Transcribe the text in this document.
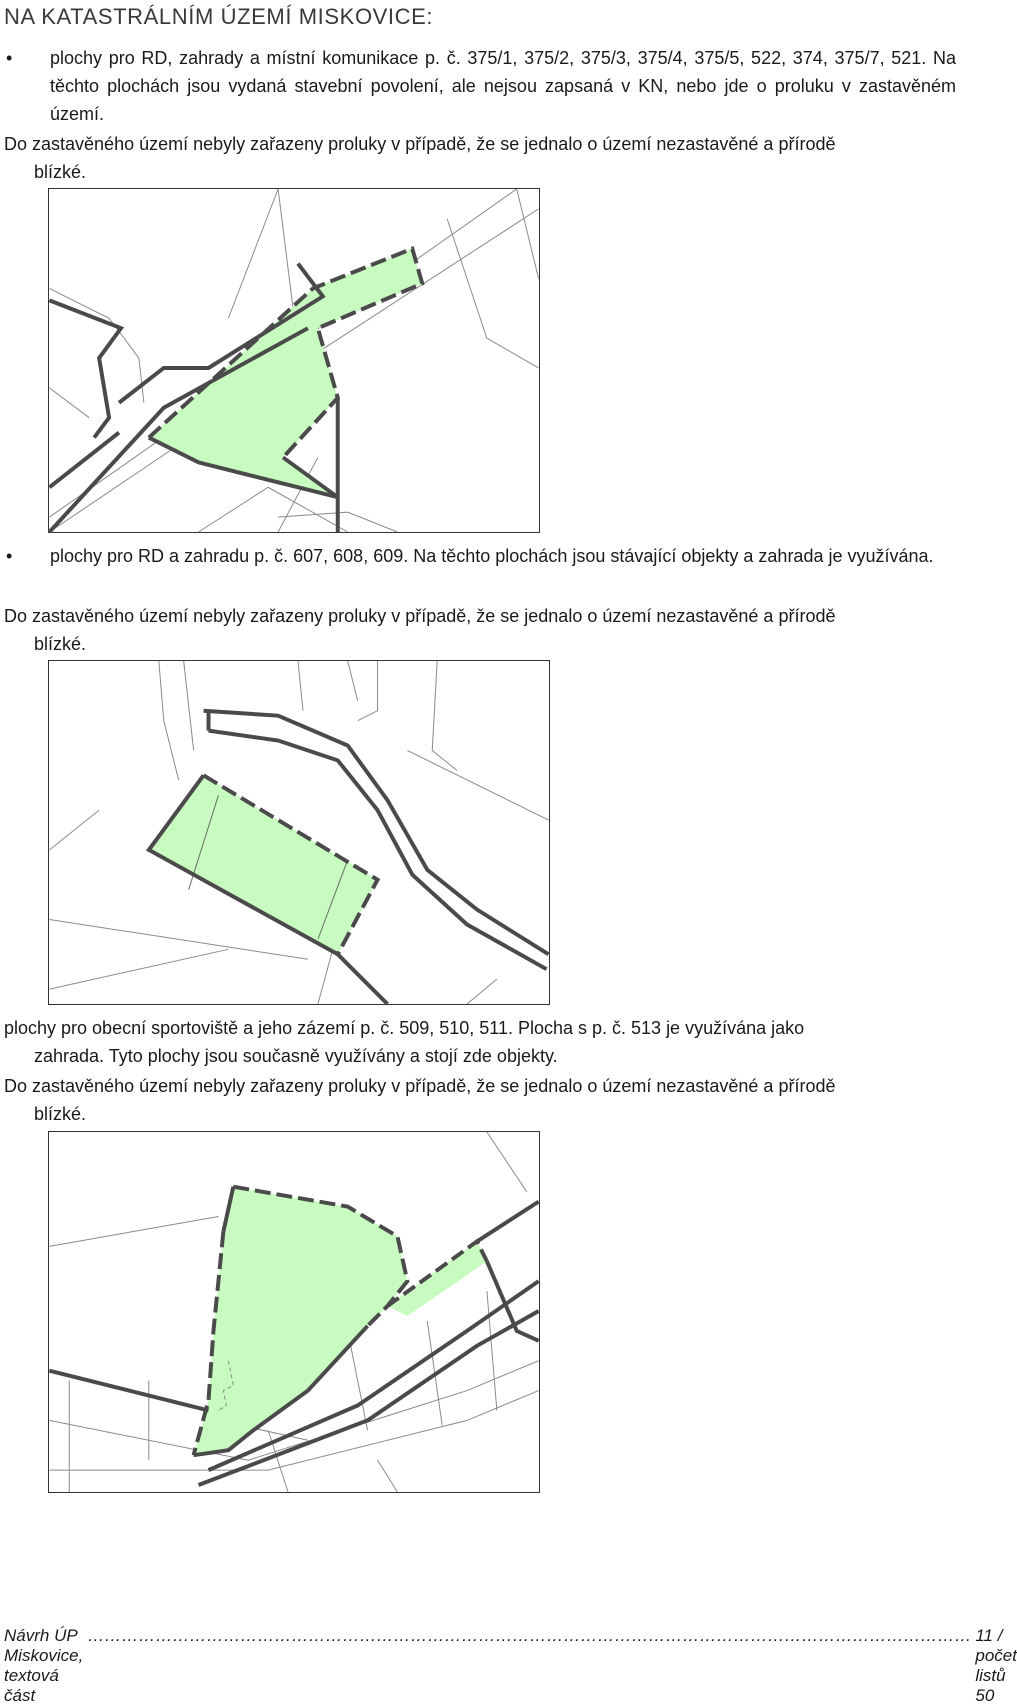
NA KATASTRÁLNÍM ÚZEMÍ MISKOVICE:
• plochy pro RD, zahrady a místní komunikace p. č. 375/1, 375/2, 375/3, 375/4, 375/5, 522, 374, 375/7, 521. Na těchto plochách jsou vydaná stavební povolení, ale nejsou zapsaná v KN, nebo jde o proluku v zastavěném území.

Do zastavěného území nebyly zařazeny proluky v případě, že se jednalo o území nezastavěné a přírodě
blízké.

• plochy pro RD a zahradu p. č. 607, 608, 609. Na těchto plochách jsou stávající objekty a zahrada je využívána.

Do zastavěného území nebyly zařazeny proluky v případě, že se jednalo o území nezastavěné a přírodě
blízké.

plochy pro obecní sportoviště a jeho zázemí p. č. 509, 510, 511. Plocha s p. č. 513 je využívána jako
zahrada. Tyto plochy jsou současně využívány a stojí zde objekty.

Do zastavěného území nebyly zařazeny proluky v případě, že se jednalo o území nezastavěné a přírodě
blízké.

Návrh ÚP Miskovice, textová část
………………………………………………………………………………………………………………………………………… 11 / počet listů 50
